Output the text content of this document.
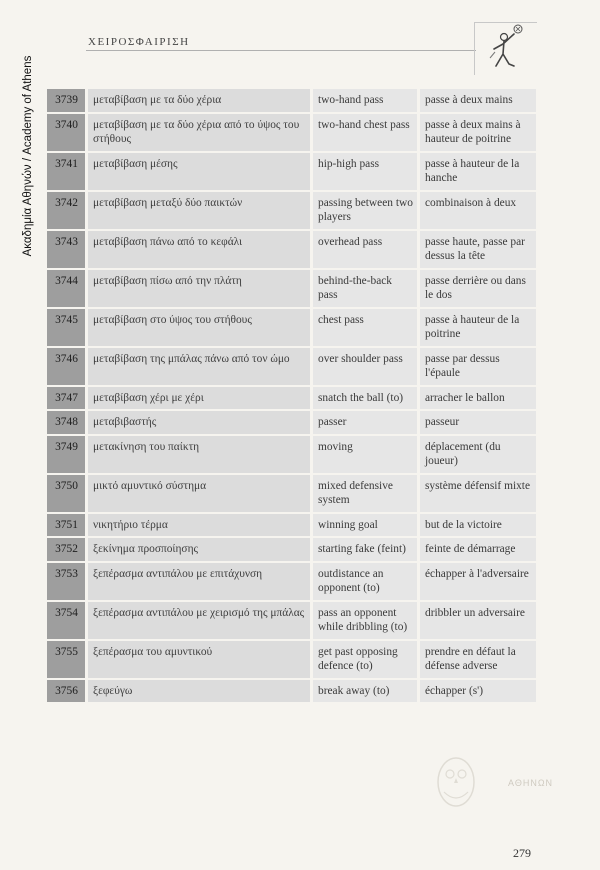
Ακαδημία Αθηνών / Academy of Athens
ΧΕΙΡΟΣΦΑΙΡΙΣΗ
3739	μεταβίβαση με τα δύο χέρια	two-hand pass	passe à deux mains
3740	μεταβίβαση με τα δύο χέρια από το ύψος του στήθους	two-hand chest pass	passe à deux mains à hauteur de poitrine
3741	μεταβίβαση μέσης	hip-high pass	passe à hauteur de la hanche
3742	μεταβίβαση μεταξύ δύο παικτών	passing between two players	combinaison à deux
3743	μεταβίβαση πάνω από το κεφάλι	overhead pass	passe haute, passe par dessus la tête
3744	μεταβίβαση πίσω από την πλάτη	behind-the-back pass	passe derrière ou dans le dos
3745	μεταβίβαση στο ύψος του στήθους	chest pass	passe à hauteur de la poitrine
3746	μεταβίβαση της μπάλας πάνω από τον ώμο	over shoulder pass	passe par dessus l'épaule
3747	μεταβίβαση χέρι με χέρι	snatch the ball (to)	arracher le ballon
3748	μεταβιβαστής	passer	passeur
3749	μετακίνηση του παίκτη	moving	déplacement (du joueur)
3750	μικτό αμυντικό σύστημα	mixed defensive system	système défensif mixte
3751	νικητήριο τέρμα	winning goal	but de la victoire
3752	ξεκίνημα προσποίησης	starting fake (feint)	feinte de démarrage
3753	ξεπέρασμα αντιπάλου με επιτάχυνση	outdistance an opponent (to)	échapper à l'adversaire
3754	ξεπέρασμα αντιπάλου με χειρισμό της μπάλας	pass an opponent while dribbling (to)	dribbler un adversaire
3755	ξεπέρασμα του αμυντικού	get past opposing defence (to)	prendre en défaut la défense adverse
3756	ξεφεύγω	break away (to)	échapper (s')
ΑΘΗΝΩΝ
279
